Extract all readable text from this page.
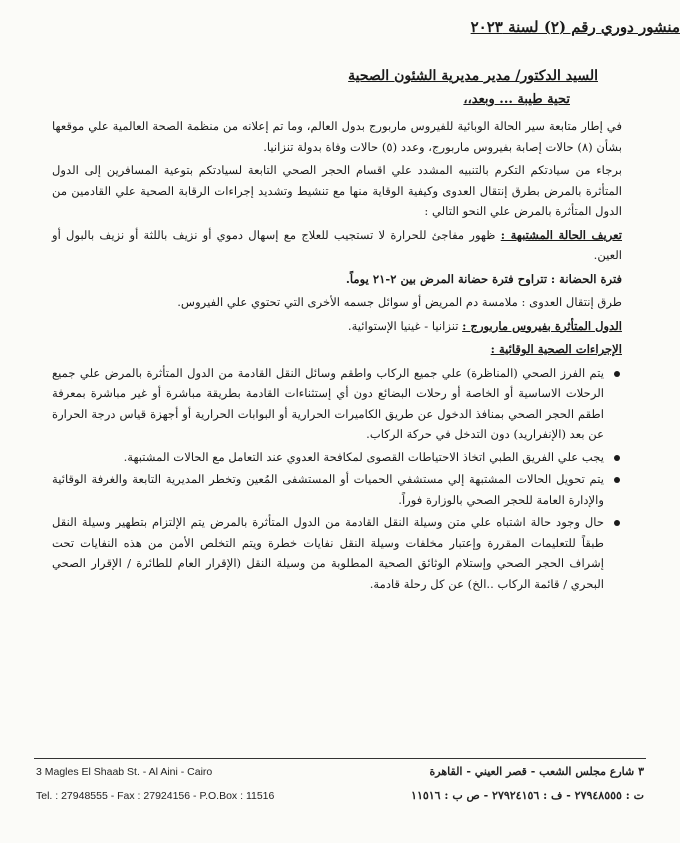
منشور دوري رقم (٢) لسنة ٢٠٢٣
السيد الدكتور/ مدير مديرية الشئون الصحية
تحية طيبة ... وبعد،،

في إطار متابعة سير الحالة الوبائية للفيروس ماربورج بدول العالم، وما تم إعلانه من منظمة الصحة العالمية علي موقعها بشأن (٨) حالات إصابة بفيروس ماربورج، وعدد (٥) حالات وفاة بدولة تنزانيا.

برجاء من سيادتكم التكرم بالتنبيه المشدد علي اقسام الحجر الصحي التابعة لسيادتكم بتوعية المسافرين إلى الدول المتأثرة بالمرض بطرق إنتقال العدوى وكيفية الوقاية منها مع تنشيط وتشديد إجراءات الرقابة الصحية علي القادمين من الدول المتأثرة بالمرض علي النحو التالي :

تعريف الحالة المشتبهة : ظهور مفاجئ للحرارة لا تستجيب للعلاج مع إسهال دموي أو نزيف باللثة أو نزيف بالبول أو العين.

فترة الحضانة : تتراوح فترة حضانة المرض بين ٢-٢١ يوماً.

طرق إنتقال العدوى : ملامسة دم المريض أو سوائل جسمه الأخرى التي تحتوي علي الفيروس.

الدول المتأثرة بفيروس ماربورج : تنزانيا - غينيا الإستوائية.

الإجراءات الصحية الوقائية :

يتم الفرز الصحي (المناظرة) علي جميع الركاب واطقم وسائل النقل القادمة من الدول المتأثرة بالمرض علي جميع الرحلات الاساسية أو الخاصة أو رحلات البضائع دون أي إستثناءات القادمة بطريقة مباشرة أو غير مباشرة بمعرفة اطقم الحجر الصحي بمنافذ الدخول عن طريق الكاميرات الحرارية أو البوابات الحرارية أو أجهزة قياس درجة الحرارة عن بعد (الإنفراريد) دون التدخل في حركة الركاب.
يجب علي الفريق الطبي اتخاذ الاحتياطات القصوى لمكافحة العدوي عند التعامل مع الحالات المشتبهة.
يتم تحويل الحالات المشتبهة إلي مستشفي الحميات أو المستشفى المُعين وتخطر المديرية التابعة والغرفة الوقائية والإدارة العامة للحجر الصحي بالوزارة فوراً.
حال وجود حالة اشتباه علي متن وسيلة النقل القادمة من الدول المتأثرة بالمرض يتم الإلتزام بتطهير وسيلة النقل طبقاً للتعليمات المقررة وإعتبار مخلفات وسيلة النقل نفايات خطرة ويتم التخلص الأمن من هذه النفايات تحت إشراف الحجر الصحي وإستلام الوثائق الصحية المطلوبة من وسيلة النقل (الإقرار العام للطائرة / الإقرار الصحي البحري / قائمة الركاب ..الخ) عن كل رحلة قادمة.
3 Magles El Shaab St. - Al Aini - Cairo
Tel. : 27948555 - Fax : 27924156 - P.O.Box : 11516
٣ شارع مجلس الشعب - قصر العيني - القاهرة
ت : ٢٧٩٤٨٥٥٥ - ف : ٢٧٩٢٤١٥٦ - ص ب : ١١٥١٦
